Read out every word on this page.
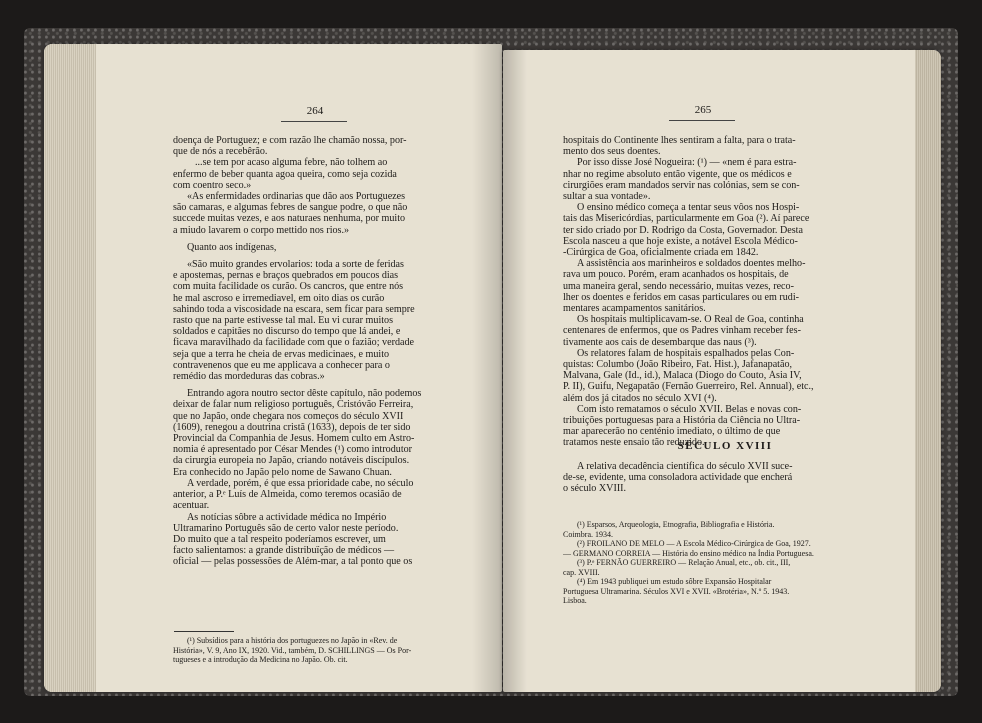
264
doença de Portuguez; e com razão lhe chamão nossa, por-
que de nós a recebêrão.
...se tem por acaso alguma febre, não tolhem ao
enfermo de beber quanta agoa queira, como seja cozida
com coentro seco.»
«As enfermidades ordinarias que dão aos Portuguezes
são camaras, e algumas febres de sangue podre, o que não
succede muitas vezes, e aos naturaes nenhuma, por muito
a miudo lavarem o corpo mettido nos rios.»
Quanto aos indígenas,
«São muito grandes ervolarios: toda a sorte de feridas
e apostemas, pernas e braços quebrados em poucos dias
com muita facilidade os curão. Os cancros, que entre nós
he mal ascroso e irremediavel, em oito dias os curão
sahindo toda a viscosidade na escara, sem ficar para sempre
rasto que na parte estivesse tal mal. Eu vi curar muitos
soldados e capitães no discurso do tempo que lá andei, e
ficava maravilhado da facilidade com que o fazião; verdade
seja que a terra he cheia de ervas medicinaes, e muito
contravenenos que eu me applicava a conhecer para o
remédio das mordeduras das cobras.»
Entrando agora noutro sector dêste capítulo, não podemos
deixar de falar num religioso português, Cristóvão Ferreira,
que no Japão, onde chegara nos começos do século XVII
(1609), renegou a doutrina cristã (1633), depois de ter sido
Provincial da Companhia de Jesus. Homem culto em Astro-
nomia é apresentado por César Mendes (¹) como introdutor
da cirurgia europeia no Japão, criando notáveis discípulos.
Era conhecido no Japão pelo nome de Sawano Chuan.
A verdade, porém, é que essa prioridade cabe, no século
anterior, a P.ᵉ Luís de Almeida, como teremos ocasião de
acentuar.
As notícias sôbre a actividade médica no Império
Ultramarino Português são de certo valor neste período.
Do muito que a tal respeito poderíamos escrever, um
facto salientamos: a grande distribuïção de médicos —
oficial — pelas possessões de Além-mar, a tal ponto que os
(¹) Subsídios para a história dos portuguezes no Japão in «Rev. de
História», V. 9, Ano IX, 1920. Vid., também, D. SCHILLINGS — Os Por-
tugueses e a introdução da Medicina no Japão. Ob. cit.
265
hospitais do Continente lhes sentiram a falta, para o trata-
mento dos seus doentes.
Por isso disse José Nogueira: (¹) — «nem é para estra-
nhar no regime absoluto então vigente, que os médicos e
cirurgiões eram mandados servir nas colónias, sem se con-
sultar a sua vontade».
O ensino médico começa a tentar seus vôos nos Hospi-
tais das Misericórdias, particularmente em Goa (²). Aí parece
ter sido criado por D. Rodrigo da Costa, Governador. Desta
Escola nasceu a que hoje existe, a notável Escola Médico-
-Cirúrgica de Goa, oficialmente criada em 1842.
A assistência aos marinheiros e soldados doentes melho-
rava um pouco. Porém, eram acanhados os hospitais, de
uma maneira geral, sendo necessário, muitas vezes, reco-
lher os doentes e feridos em casas particulares ou em rudi-
mentares acampamentos sanitários.
Os hospitais multiplicavam-se. O Real de Goa, continha
centenares de enfermos, que os Padres vinham receber fes-
tivamente aos cais de desembarque das naus (³).
Os relatores falam de hospitais espalhados pelas Con-
quistas: Columbo (João Ribeiro, Fat. Hist.), Jafanapatão,
Malvana, Gale (Id., id.), Malaca (Diogo do Couto, Ásia IV,
P. II), Guifu, Negapatão (Fernão Guerreiro, Rel. Annual), etc.,
além dos já citados no século XVI (⁴).
Com isto rematamos o século XVII. Belas e novas con-
tribuições portuguesas para a História da Ciência no Ultra-
mar aparecerão no centénio imediato, o último de que
tratamos neste ensaio tão reduzido.
SÉCULO XVIII
A relativa decadência científica do século XVII suce-
de-se, evidente, uma consoladora actividade que encherá
o século XVIII.
(¹) Esparsos, Arqueologia, Etnografia, Bibliografia e História.
Coimbra. 1934.
(²) FROILANO DE MELO — A Escola Médico-Cirúrgica de Goa, 1927.
— GERMANO CORREIA — História do ensino médico na Índia Portuguesa.
(³) P.ᵉ FERNÃO GUERREIRO — Relação Anual, etc., ob. cit., III,
cap. XVIII.
(⁴) Em 1943 publiquei um estudo sôbre Expansão Hospitalar
Portuguesa Ultramarina. Séculos XVI e XVII. «Brotéria», N.º 5. 1943.
Lisboa.
